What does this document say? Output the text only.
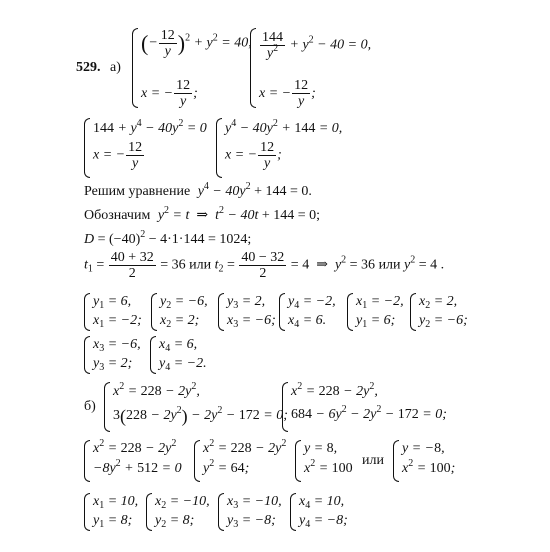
529. а)
(− $\frac{12}{y} )^2 + y^2 = 40$,
x = − $\frac{12}{y}$ ;
$\frac{144}{y^2} + y^2 - 40 = 0$,
x = − $\frac{12}{y}$ ;
$144 + y^4 - 40y^2 = 0$
x = − $\frac{12}{y}$
$y^4 - 40y^2 + 144 = 0$,
x = − $\frac{12}{y}$ ;
Решим уравнение $y^4 - 40y^2 + 144 = 0$.
Обозначим $y^2 = t$  ⇒  $t^2 - 40t + 144 = 0$;
$D = (-40)^2 - 4\cdot 1\cdot 144 = 1024$;
$t_1 = \frac{40 + 32}{2} = 36$ или $t_2 = \frac{40 - 32}{2} = 4$  ⇒  $y^2 = 36$ или $y^2 = 4$ .
$y_1 = 6$,
$x_1 = -2$;
$y_2 = -6$,
$x_2 = 2$;
$y_3 = 2$,
$x_3 = -6$;
$y_4 = -2$,
$x_4 = 6$.
$x_1 = -2$,
$y_1 = 6$;
$x_2 = 2$,
$y_2 = -6$;
$x_3 = -6$,
$y_3 = 2$;
$x_4 = 6$,
$y_4 = -2$.
б)
$x^2 = 228 - 2y^2$,
$3(228 - 2y^2) - 2y^2 - 172 = 0$;
$x^2 = 228 - 2y^2$,
$684 - 6y^2 - 2y^2 - 172 = 0$;
$x^2 = 228 - 2y^2$
$-8y^2 + 512 = 0$
$x^2 = 228 - 2y^2$
$y^2 = 64$;
y = 8,
$x^2 = 100$
или
y = −8,
$x^2 = 100$;
$x_1 = 10$,
$y_1 = 8$;
$x_2 = -10$,
$y_2 = 8$;
$x_3 = -10$,
$y_3 = -8$;
$x_4 = 10$,
$y_4 = -8$;
